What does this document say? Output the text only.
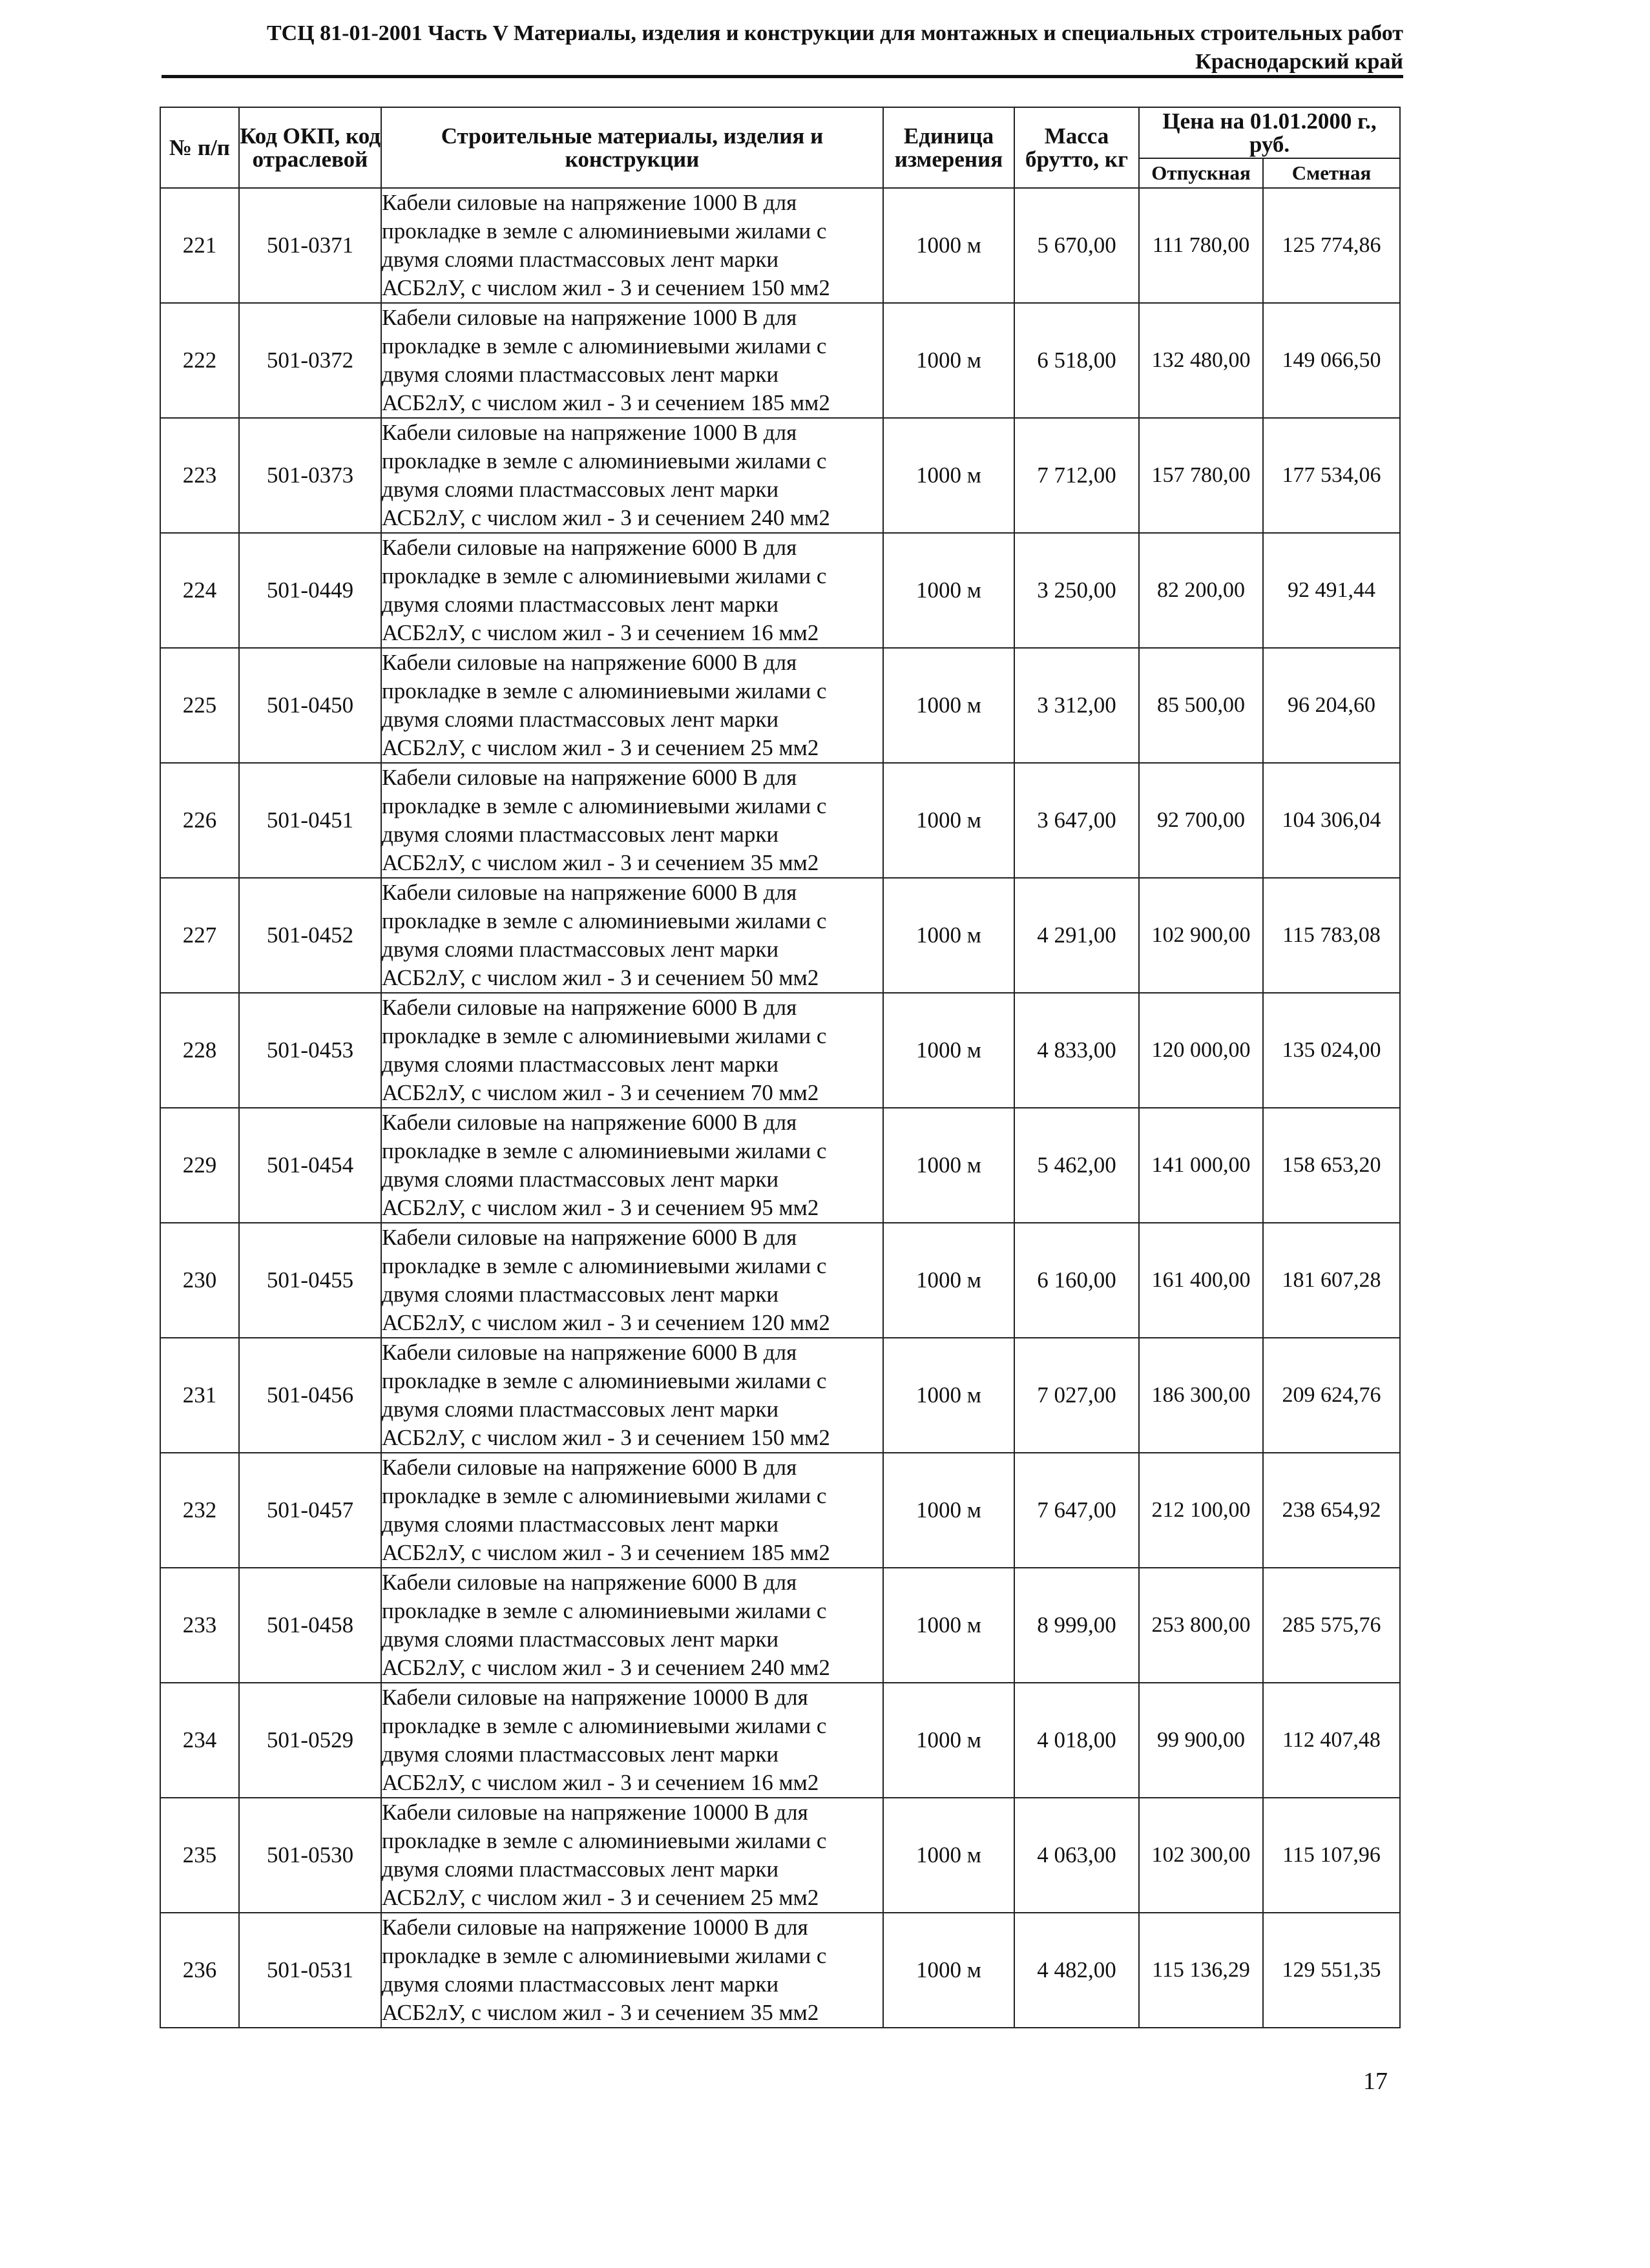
ТСЦ 81-01-2001 Часть V Материалы, изделия и конструкции для монтажных и специальных строительных работ
Краснодарский край
№ п/п	Код ОКП, код отраслевой	Строительные материалы, изделия и конструкции	Единица измерения	Масса брутто, кг	Цена на 01.01.2000 г., руб.	
					Отпускная	Сметная
221	501-0371	Кабели силовые на напряжение 1000 В для
прокладке в земле с алюминиевыми жилами с
двумя слоями пластмассовых лент марки
АСБ2лУ, с числом жил - 3 и сечением 150 мм2	1000 м	5 670,00	111 780,00	125 774,86
222	501-0372	Кабели силовые на напряжение 1000 В для
прокладке в земле с алюминиевыми жилами с
двумя слоями пластмассовых лент марки
АСБ2лУ, с числом жил - 3 и сечением 185 мм2	1000 м	6 518,00	132 480,00	149 066,50
223	501-0373	Кабели силовые на напряжение 1000 В для
прокладке в земле с алюминиевыми жилами с
двумя слоями пластмассовых лент марки
АСБ2лУ, с числом жил - 3 и сечением 240 мм2	1000 м	7 712,00	157 780,00	177 534,06
224	501-0449	Кабели силовые на напряжение 6000 В для
прокладке в земле с алюминиевыми жилами с
двумя слоями пластмассовых лент марки
АСБ2лУ, с числом жил - 3 и сечением 16 мм2	1000 м	3 250,00	82 200,00	92 491,44
225	501-0450	Кабели силовые на напряжение 6000 В для
прокладке в земле с алюминиевыми жилами с
двумя слоями пластмассовых лент марки
АСБ2лУ, с числом жил - 3 и сечением 25 мм2	1000 м	3 312,00	85 500,00	96 204,60
226	501-0451	Кабели силовые на напряжение 6000 В для
прокладке в земле с алюминиевыми жилами с
двумя слоями пластмассовых лент марки
АСБ2лУ, с числом жил - 3 и сечением 35 мм2	1000 м	3 647,00	92 700,00	104 306,04
227	501-0452	Кабели силовые на напряжение 6000 В для
прокладке в земле с алюминиевыми жилами с
двумя слоями пластмассовых лент марки
АСБ2лУ, с числом жил - 3 и сечением 50 мм2	1000 м	4 291,00	102 900,00	115 783,08
228	501-0453	Кабели силовые на напряжение 6000 В для
прокладке в земле с алюминиевыми жилами с
двумя слоями пластмассовых лент марки
АСБ2лУ, с числом жил - 3 и сечением 70 мм2	1000 м	4 833,00	120 000,00	135 024,00
229	501-0454	Кабели силовые на напряжение 6000 В для
прокладке в земле с алюминиевыми жилами с
двумя слоями пластмассовых лент марки
АСБ2лУ, с числом жил - 3 и сечением 95 мм2	1000 м	5 462,00	141 000,00	158 653,20
230	501-0455	Кабели силовые на напряжение 6000 В для
прокладке в земле с алюминиевыми жилами с
двумя слоями пластмассовых лент марки
АСБ2лУ, с числом жил - 3 и сечением 120 мм2	1000 м	6 160,00	161 400,00	181 607,28
231	501-0456	Кабели силовые на напряжение 6000 В для
прокладке в земле с алюминиевыми жилами с
двумя слоями пластмассовых лент марки
АСБ2лУ, с числом жил - 3 и сечением 150 мм2	1000 м	7 027,00	186 300,00	209 624,76
232	501-0457	Кабели силовые на напряжение 6000 В для
прокладке в земле с алюминиевыми жилами с
двумя слоями пластмассовых лент марки
АСБ2лУ, с числом жил - 3 и сечением 185 мм2	1000 м	7 647,00	212 100,00	238 654,92
233	501-0458	Кабели силовые на напряжение 6000 В для
прокладке в земле с алюминиевыми жилами с
двумя слоями пластмассовых лент марки
АСБ2лУ, с числом жил - 3 и сечением 240 мм2	1000 м	8 999,00	253 800,00	285 575,76
234	501-0529	Кабели силовые на напряжение 10000 В для
прокладке в земле с алюминиевыми жилами с
двумя слоями пластмассовых лент марки
АСБ2лУ, с числом жил - 3 и сечением 16 мм2	1000 м	4 018,00	99 900,00	112 407,48
235	501-0530	Кабели силовые на напряжение 10000 В для
прокладке в земле с алюминиевыми жилами с
двумя слоями пластмассовых лент марки
АСБ2лУ, с числом жил - 3 и сечением 25 мм2	1000 м	4 063,00	102 300,00	115 107,96
236	501-0531	Кабели силовые на напряжение 10000 В для
прокладке в земле с алюминиевыми жилами с
двумя слоями пластмассовых лент марки
АСБ2лУ, с числом жил - 3 и сечением 35 мм2	1000 м	4 482,00	115 136,29	129 551,35
17
